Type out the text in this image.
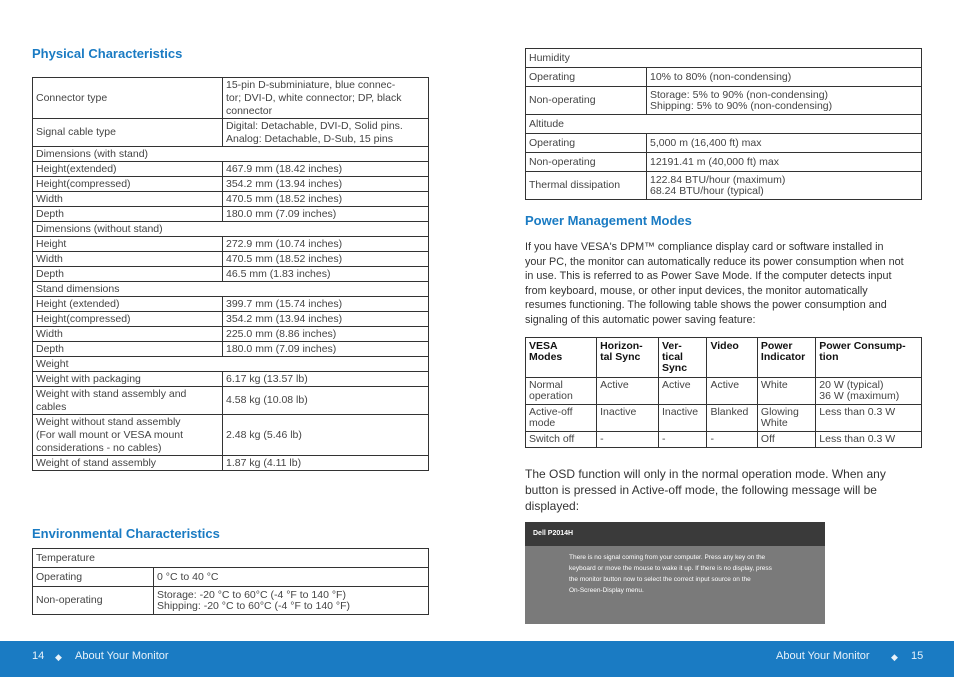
Physical Characteristics
Connector type	15-pin D-subminiature, blue connec-
tor; DVI-D, white connector; DP, black
connector
Signal cable type	Digital: Detachable, DVI-D, Solid pins.
Analog: Detachable, D-Sub, 15 pins
Dimensions (with stand)	
Height(extended)	467.9 mm (18.42 inches)
Height(compressed)	354.2 mm (13.94 inches)
Width	470.5 mm (18.52 inches)
Depth	180.0 mm (7.09 inches)
Dimensions (without stand)	
Height	272.9 mm (10.74 inches)
Width	470.5 mm (18.52 inches)
Depth	46.5 mm (1.83 inches)
Stand dimensions	
Height (extended)	399.7 mm (15.74 inches)
Height(compressed)	354.2 mm (13.94 inches)
Width	225.0 mm (8.86 inches)
Depth	180.0 mm (7.09 inches)
Weight	
Weight with packaging	6.17 kg (13.57 lb)
Weight with stand assembly and
cables	4.58 kg (10.08 lb)
Weight without stand assembly
(For wall mount or VESA mount
considerations - no cables)	2.48 kg (5.46 lb)
Weight of stand assembly	1.87 kg (4.11 lb)
Environmental Characteristics
Temperature	
Operating	0 °C to 40 °C
Non-operating	Storage: -20 °C to 60°C (-4 °F to 140 °F)
Shipping: -20 °C to 60°C (-4 °F to 140 °F)
Humidity	
Operating	10% to 80% (non-condensing)
Non-operating	Storage: 5% to 90% (non-condensing)
Shipping: 5% to 90% (non-condensing)
Altitude	
Operating	5,000 m (16,400 ft) max
Non-operating	12191.41 m (40,000 ft) max
Thermal dissipation	122.84 BTU/hour (maximum)
68.24 BTU/hour (typical)
Power Management Modes
If you have VESA's DPM™ compliance display card or software installed in your PC, the monitor can automatically reduce its power consumption when not in use. This is referred to as Power Save Mode. If the computer detects input from keyboard, mouse, or other input devices, the monitor automatically resumes functioning. The following table shows the power consumption and signaling of this automatic power saving feature:
VESA
Modes	Horizon-
tal Sync	Ver-
tical
Sync	Video	Power
Indicator	Power Consump-
tion
Normal
operation	Active	Active	Active	White	20 W (typical)
36 W (maximum)
Active-off
mode	Inactive	Inactive	Blanked	Glowing
White	Less than 0.3 W
Switch off	-	-	-	Off	Less than 0.3 W
The OSD function will only in the normal operation mode. When any button is pressed in Active-off mode, the following message will be displayed:
Dell P2014H
There is no signal coming from your computer. Press any key on the
keyboard or move the mouse to wake it up. If there is no display, press
the monitor button now to select the correct input source on the
On-Screen-Display menu.
14 ◆ About Your Monitor	About Your Monitor ◆ 15
